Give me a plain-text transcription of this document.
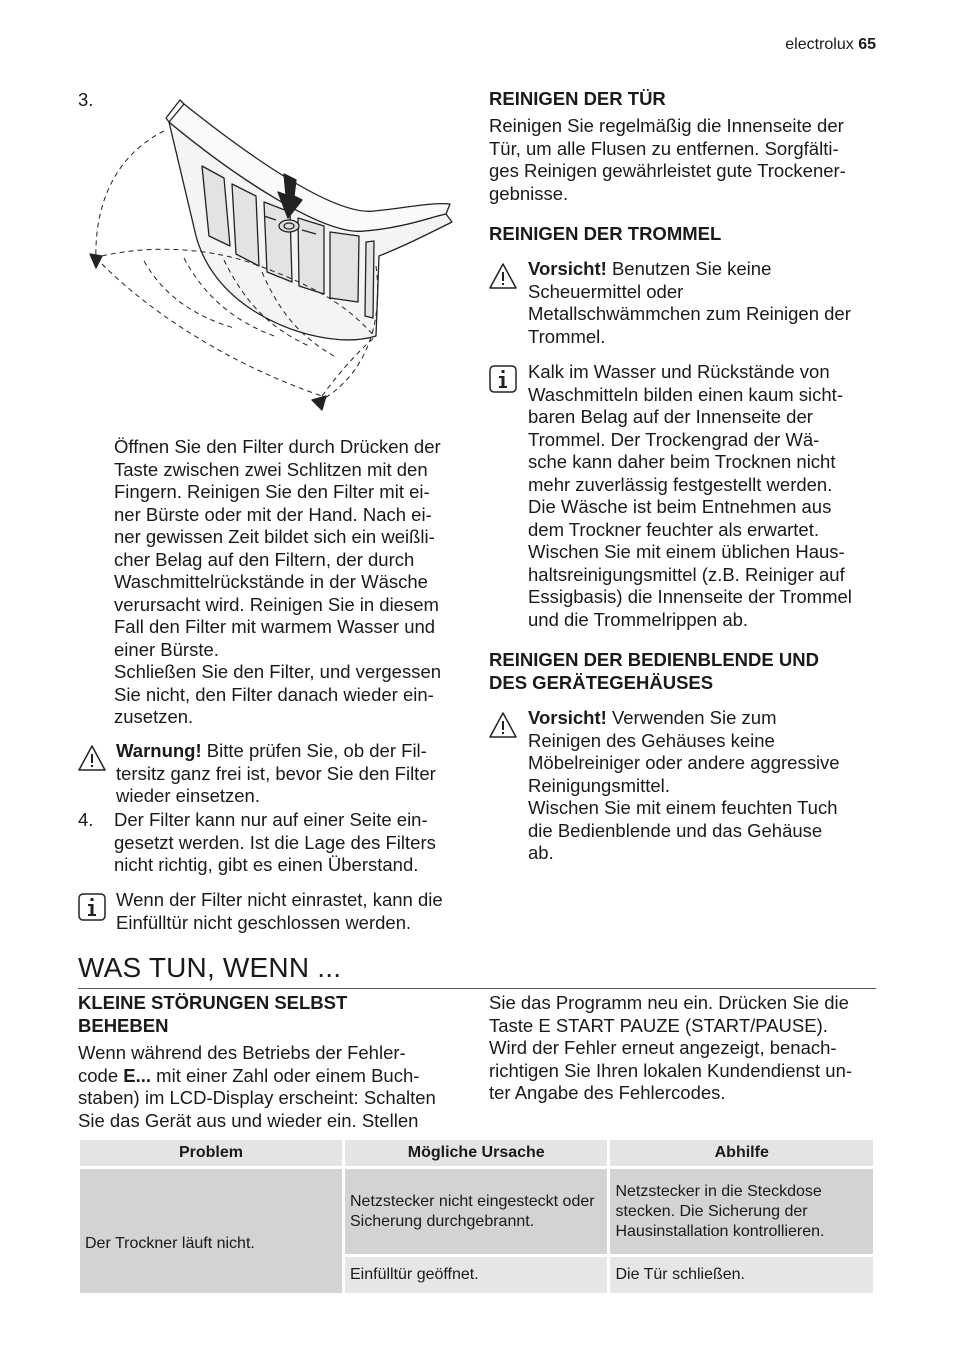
electrolux 65
3.
Öffnen Sie den Filter durch Drücken der
Taste zwischen zwei Schlitzen mit den
Fingern. Reinigen Sie den Filter mit ei-
ner Bürste oder mit der Hand. Nach ei-
ner gewissen Zeit bildet sich ein weißli-
cher Belag auf den Filtern, der durch
Waschmittelrückstände in der Wäsche
verursacht wird. Reinigen Sie in diesem
Fall den Filter mit warmem Wasser und
einer Bürste.
Schließen Sie den Filter, und vergessen
Sie nicht, den Filter danach wieder ein-
zusetzen.
Warnung! Bitte prüfen Sie, ob der Fil-
tersitz ganz frei ist, bevor Sie den Filter
wieder einsetzen.
4. Der Filter kann nur auf einer Seite ein-
gesetzt werden. Ist die Lage des Filters
nicht richtig, gibt es einen Überstand.
Wenn der Filter nicht einrastet, kann die
Einfülltür nicht geschlossen werden.
REINIGEN DER TÜR
Reinigen Sie regelmäßig die Innenseite der
Tür, um alle Flusen zu entfernen. Sorgfälti-
ges Reinigen gewährleistet gute Trockener-
gebnisse.
REINIGEN DER TROMMEL
Vorsicht! Benutzen Sie keine
Scheuermittel oder
Metallschwämmchen zum Reinigen der
Trommel.
Kalk im Wasser und Rückstände von
Waschmitteln bilden einen kaum sicht-
baren Belag auf der Innenseite der
Trommel. Der Trockengrad der Wä-
sche kann daher beim Trocknen nicht
mehr zuverlässig festgestellt werden.
Die Wäsche ist beim Entnehmen aus
dem Trockner feuchter als erwartet.
Wischen Sie mit einem üblichen Haus-
haltsreinigungsmittel (z.B. Reiniger auf
Essigbasis) die Innenseite der Trommel
und die Trommelrippen ab.
REINIGEN DER BEDIENBLENDE UND
DES GERÄTEGEHÄUSES
Vorsicht! Verwenden Sie zum
Reinigen des Gehäuses keine
Möbelreiniger oder andere aggressive
Reinigungsmittel.
Wischen Sie mit einem feuchten Tuch
die Bedienblende und das Gehäuse
ab.
WAS TUN, WENN ...
KLEINE STÖRUNGEN SELBST
BEHEBEN
Wenn während des Betriebs der Fehler-
code E... mit einer Zahl oder einem Buch-
staben) im LCD-Display erscheint: Schalten
Sie das Gerät aus und wieder ein. Stellen
Sie das Programm neu ein. Drücken Sie die
Taste E START PAUZE (START/PAUSE).
Wird der Fehler erneut angezeigt, benach-
richtigen Sie Ihren lokalen Kundendienst un-
ter Angabe des Fehlercodes.
Problem	Mögliche Ursache	Abhilfe
Der Trockner läuft nicht.	Netzstecker nicht eingesteckt oder Sicherung durchgebrannt.	Netzstecker in die Steckdose stecken. Die Sicherung der Hausinstallation kontrollieren.
	Einfülltür geöffnet.	Die Tür schließen.
